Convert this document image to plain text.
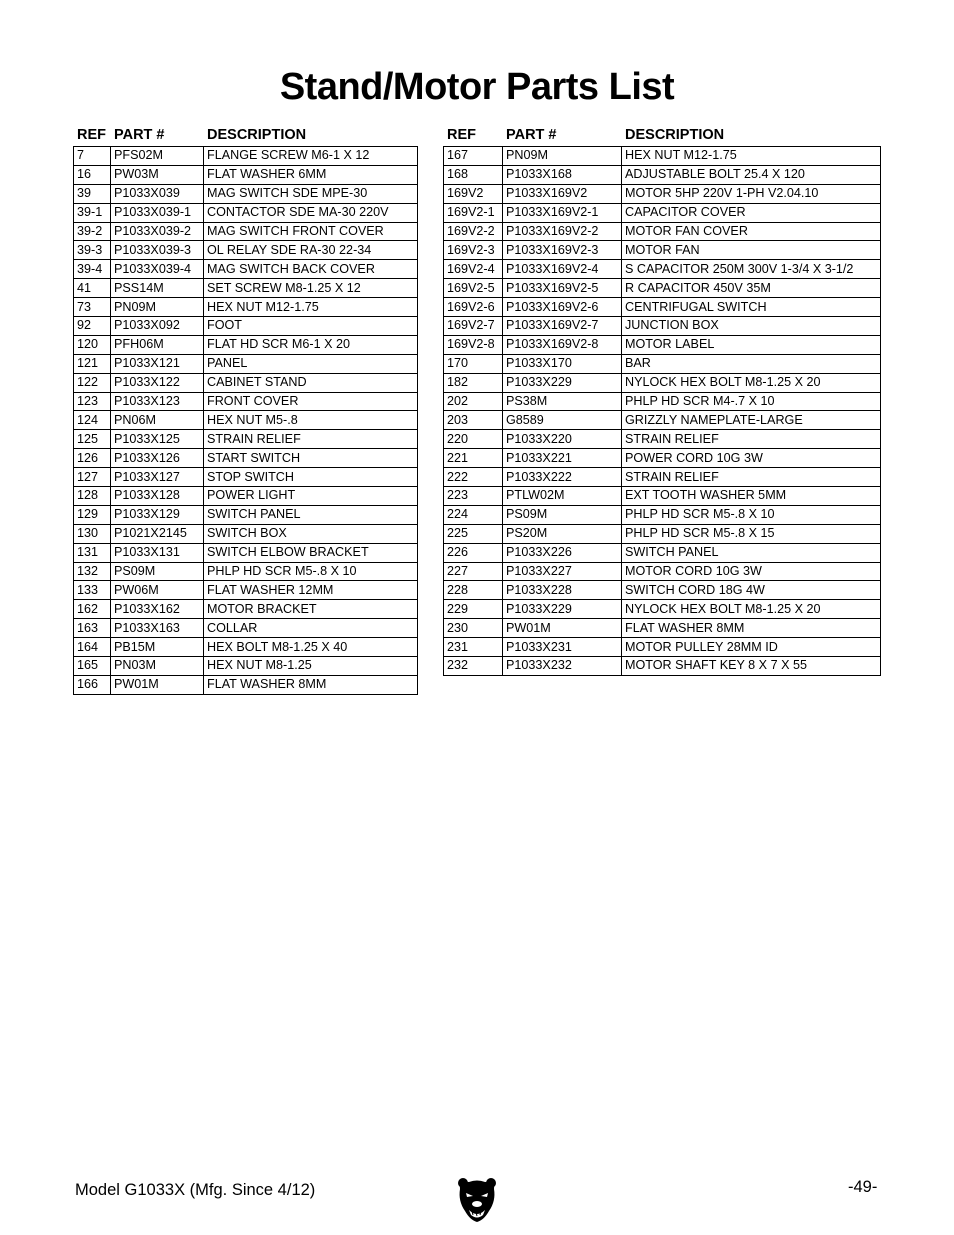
Stand/Motor Parts List
REF PART #	DESCRIPTION
7	PFS02M	FLANGE SCREW M6-1 X 12
16	PW03M	FLAT WASHER 6MM
39	P1033X039	MAG SWITCH SDE MPE-30
39-1	P1033X039-1	CONTACTOR SDE MA-30 220V
39-2	P1033X039-2	MAG SWITCH FRONT COVER
39-3	P1033X039-3	OL RELAY SDE RA-30 22-34
39-4	P1033X039-4	MAG SWITCH BACK COVER
41	PSS14M	SET SCREW M8-1.25 X 12
73	PN09M	HEX NUT M12-1.75
92	P1033X092	FOOT
120	PFH06M	FLAT HD SCR M6-1 X 20
121	P1033X121	PANEL
122	P1033X122	CABINET STAND
123	P1033X123	FRONT COVER
124	PN06M	HEX NUT M5-.8
125	P1033X125	STRAIN RELIEF
126	P1033X126	START SWITCH
127	P1033X127	STOP SWITCH
128	P1033X128	POWER LIGHT
129	P1033X129	SWITCH PANEL
130	P1021X2145	SWITCH BOX
131	P1033X131	SWITCH ELBOW BRACKET
132	PS09M	PHLP HD SCR M5-.8 X 10
133	PW06M	FLAT WASHER 12MM
162	P1033X162	MOTOR BRACKET
163	P1033X163	COLLAR
164	PB15M	HEX BOLT M8-1.25 X 40
165	PN03M	HEX NUT M8-1.25
166	PW01M	FLAT WASHER 8MM
REF	PART #	DESCRIPTION
167	PN09M	HEX NUT M12-1.75
168	P1033X168	ADJUSTABLE BOLT 25.4 X 120
169V2	P1033X169V2	MOTOR 5HP 220V 1-PH V2.04.10
169V2-1	P1033X169V2-1	CAPACITOR COVER
169V2-2	P1033X169V2-2	MOTOR FAN COVER
169V2-3	P1033X169V2-3	MOTOR FAN
169V2-4	P1033X169V2-4	S CAPACITOR 250M 300V 1-3/4 X 3-1/2
169V2-5	P1033X169V2-5	R CAPACITOR 450V 35M
169V2-6	P1033X169V2-6	CENTRIFUGAL SWITCH
169V2-7	P1033X169V2-7	JUNCTION BOX
169V2-8	P1033X169V2-8	MOTOR LABEL
170	P1033X170	BAR
182	P1033X229	NYLOCK HEX BOLT M8-1.25 X 20
202	PS38M	PHLP HD SCR M4-.7 X 10
203	G8589	GRIZZLY NAMEPLATE-LARGE
220	P1033X220	STRAIN RELIEF
221	P1033X221	POWER CORD 10G 3W
222	P1033X222	STRAIN RELIEF
223	PTLW02M	EXT TOOTH WASHER 5MM
224	PS09M	PHLP HD SCR M5-.8 X 10
225	PS20M	PHLP HD SCR M5-.8 X 15
226	P1033X226	SWITCH PANEL
227	P1033X227	MOTOR CORD 10G 3W
228	P1033X228	SWITCH CORD 18G 4W
229	P1033X229	NYLOCK HEX BOLT M8-1.25 X 20
230	PW01M	FLAT WASHER 8MM
231	P1033X231	MOTOR PULLEY 28MM ID
232	P1033X232	MOTOR SHAFT KEY 8 X 7 X 55
Model G1033X (Mfg. Since 4/12)	-49-
